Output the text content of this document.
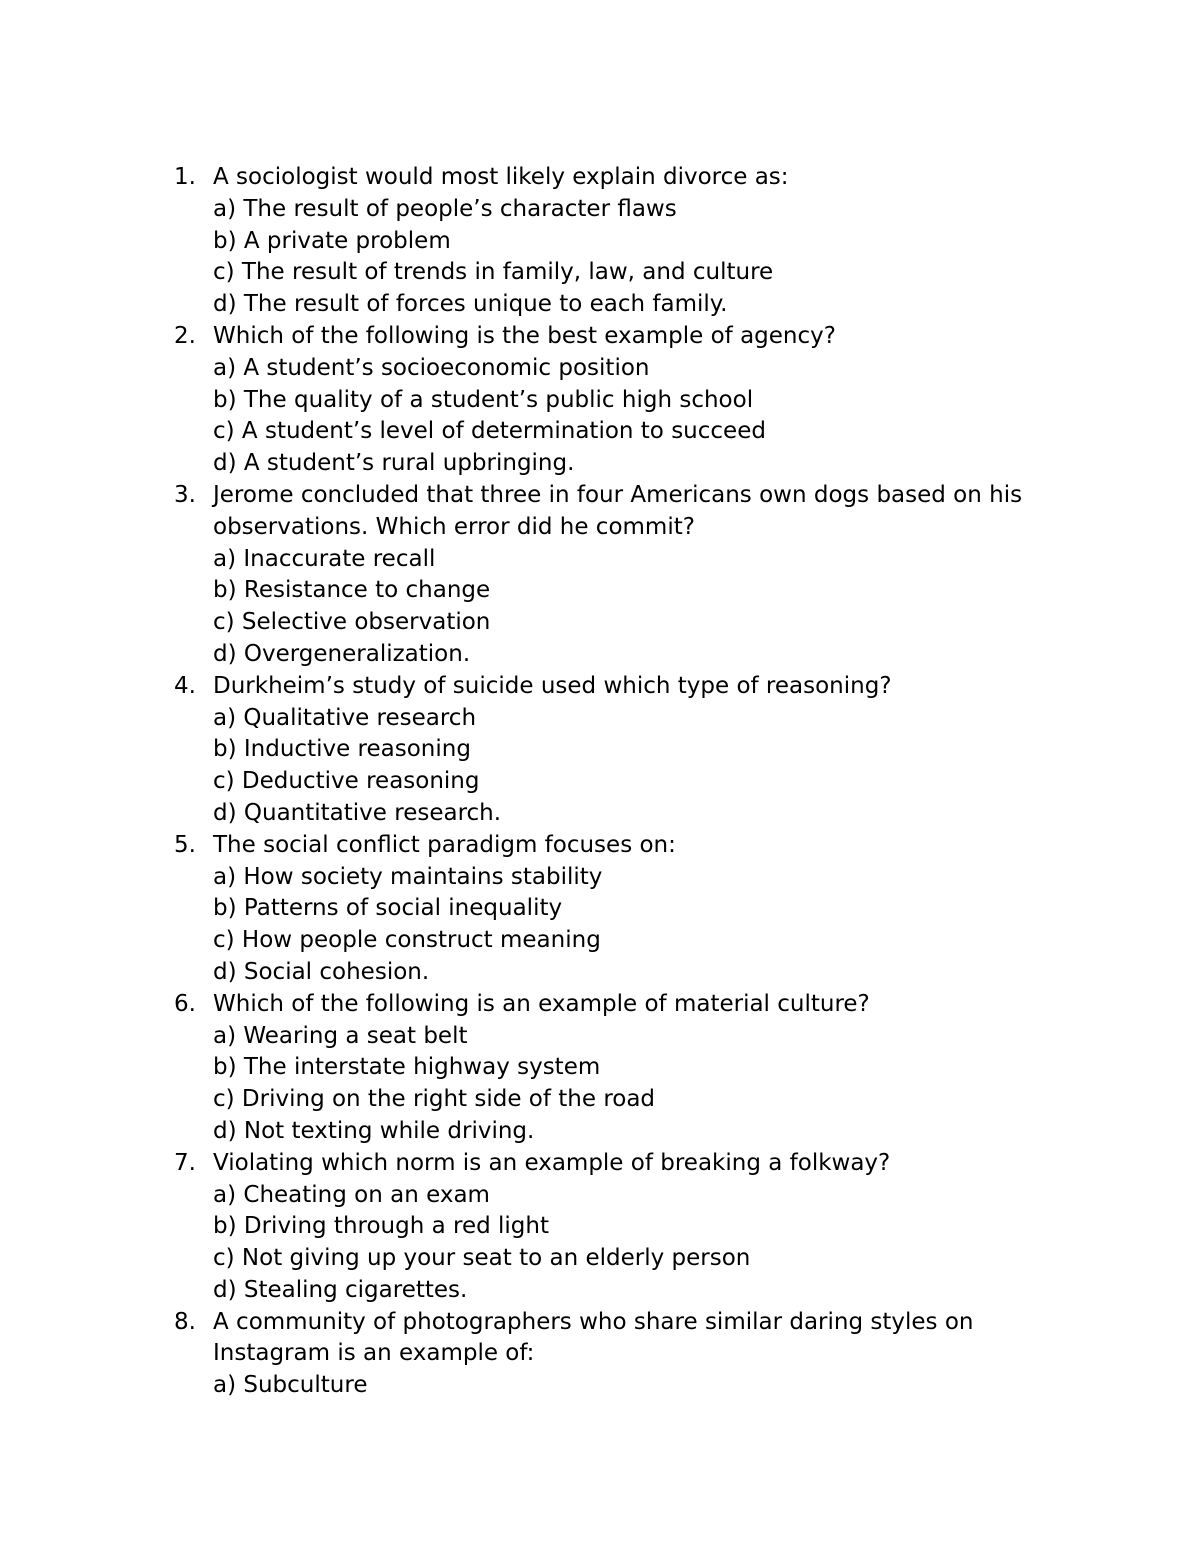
1. A sociologist would most likely explain divorce as:
a) The result of people’s character flaws
b) A private problem
c) The result of trends in family, law, and culture
d) The result of forces unique to each family.
2. Which of the following is the best example of agency?
a) A student’s socioeconomic position
b) The quality of a student’s public high school
c) A student’s level of determination to succeed
d) A student’s rural upbringing.
3. Jerome concluded that three in four Americans own dogs based on his
observations. Which error did he commit?
a) Inaccurate recall
b) Resistance to change
c) Selective observation
d) Overgeneralization.
4. Durkheim’s study of suicide used which type of reasoning?
a) Qualitative research
b) Inductive reasoning
c) Deductive reasoning
d) Quantitative research.
5. The social conflict paradigm focuses on:
a) How society maintains stability
b) Patterns of social inequality
c) How people construct meaning
d) Social cohesion.
6. Which of the following is an example of material culture?
a) Wearing a seat belt
b) The interstate highway system
c) Driving on the right side of the road
d) Not texting while driving.
7. Violating which norm is an example of breaking a folkway?
a) Cheating on an exam
b) Driving through a red light
c) Not giving up your seat to an elderly person
d) Stealing cigarettes.
8. A community of photographers who share similar daring styles on
Instagram is an example of:
a) Subculture
